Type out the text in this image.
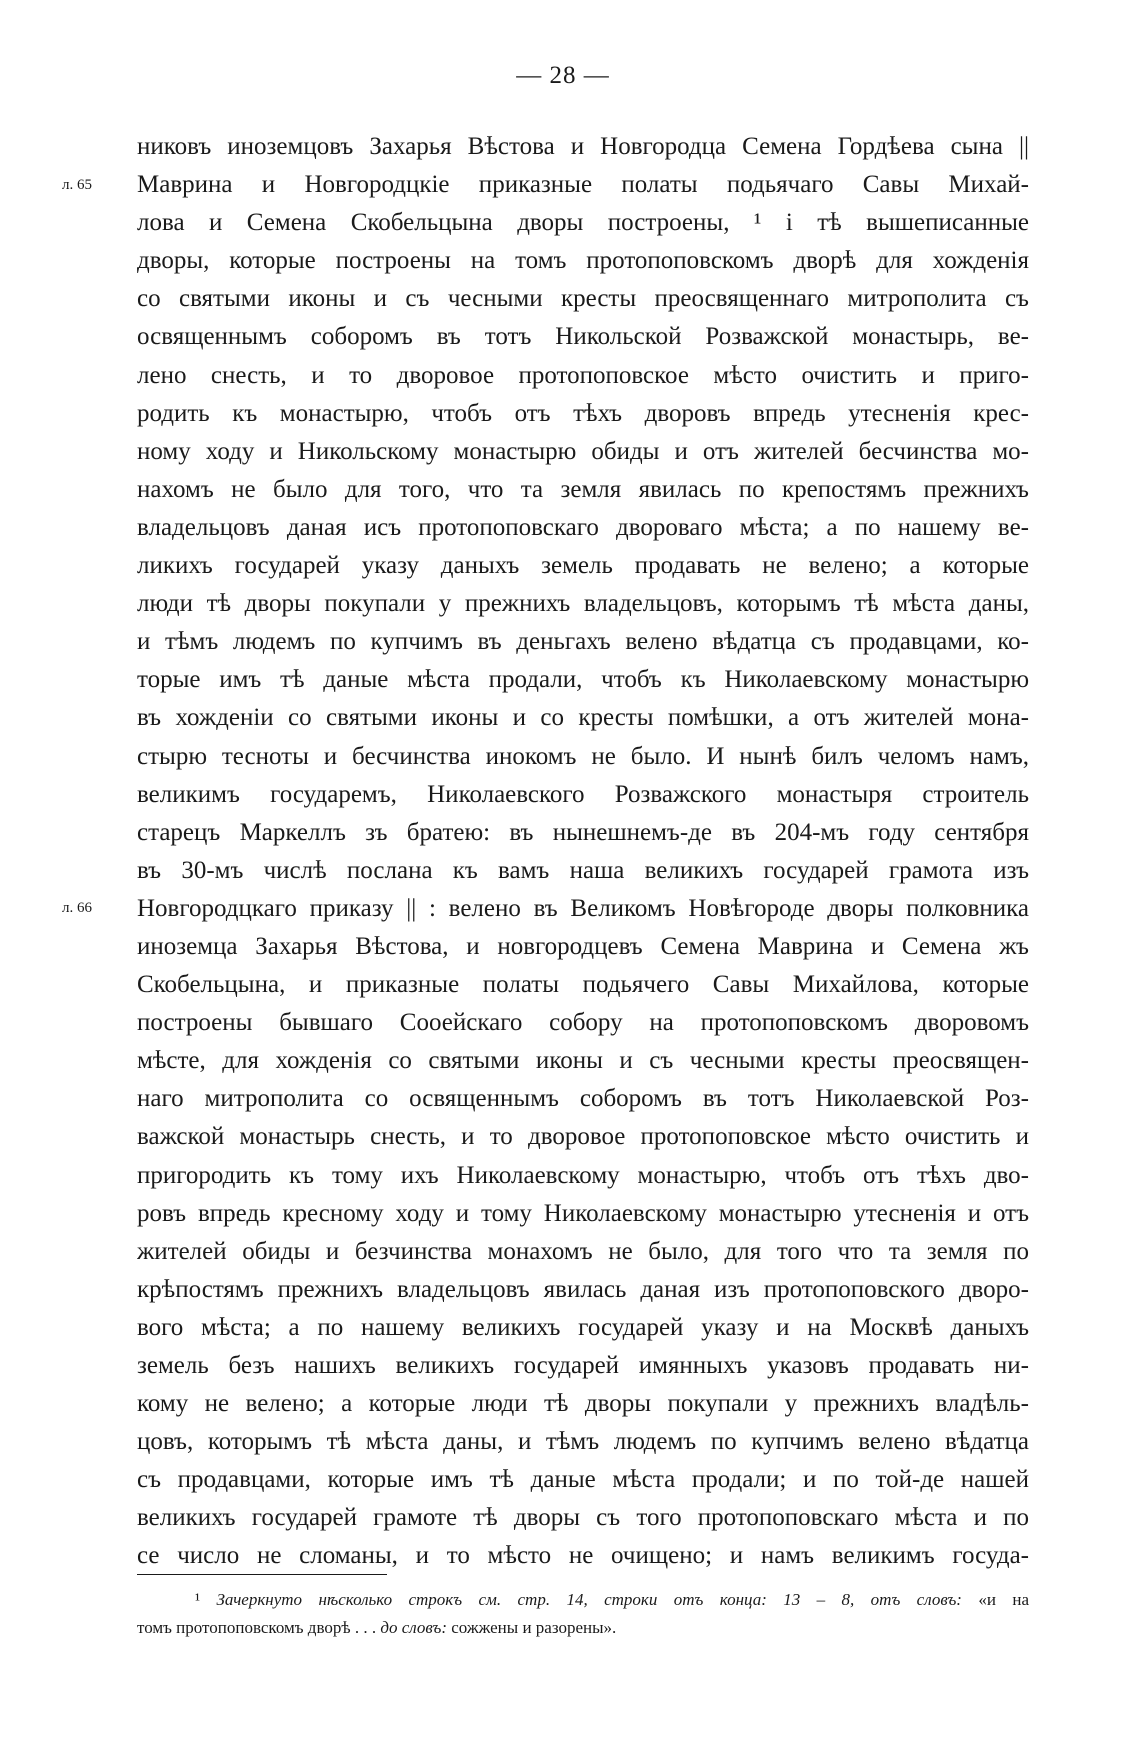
— 28 —
л. 65
л. 66
никовъ иноземцовъ Захарья Вѣстова и Новгородца Семена Гордѣева сына ||
Маврина и Новгородцкіе приказные полаты подьячаго Савы Михай-
лова и Семена Скобельцына дворы построены, ¹ і тѣ вышеписанные
дворы, которые построены на томъ протопоповскомъ дворѣ для хожденія
со святыми иконы и съ чесными кресты преосвященнаго митрополита съ
освященнымъ соборомъ въ тотъ Никольской Розважской монастырь, ве-
лено снесть, и то дворовое протопоповское мѣсто очистить и приго-
родить къ монастырю, чтобъ отъ тѣхъ дворовъ впредь утесненія крес-
ному ходу и Никольскому монастырю обиды и отъ жителей бесчинства мо-
нахомъ не было для того, что та земля явилась по крепостямъ прежнихъ
владельцовъ даная исъ протопоповскаго двороваго мѣста; а по нашему ве-
ликихъ государей указу даныхъ земель продавать не велено; а которые
люди тѣ дворы покупали у прежнихъ владельцовъ, которымъ тѣ мѣста даны,
и тѣмъ людемъ по купчимъ въ деньгахъ велено вѣдатца съ продавцами, ко-
торые имъ тѣ даные мѣста продали, чтобъ къ Николаевскому монастырю
въ хожденіи со святыми иконы и со кресты помѣшки, а отъ жителей мона-
стырю тесноты и бесчинства инокомъ не было. И нынѣ билъ челомъ намъ,
великимъ государемъ, Николаевского Розважского монастыря строитель
старецъ Маркеллъ зъ братею: въ нынешнемъ-де въ 204-мъ году сентября
въ 30-мъ числѣ послана къ вамъ наша великихъ государей грамота изъ
Новгородцкаго приказу || : велено въ Великомъ Новѣгороде дворы полковника
иноземца Захарья Вѣстова, и новгородцевъ Семена Маврина и Семена жъ
Скобельцына, и приказные полаты подьячего Савы Михайлова, которые
построены бывшаго Сооейскаго собору на протопоповскомъ дворовомъ
мѣсте, для хожденія со святыми иконы и съ чесными кресты преосвящен-
наго митрополита со освященнымъ соборомъ въ тотъ Николаевской Роз-
важской монастырь снесть, и то дворовое протопоповское мѣсто очистить и
пригородить къ тому ихъ Николаевскому монастырю, чтобъ отъ тѣхъ дво-
ровъ впредь кресному ходу и тому Николаевскому монастырю утесненія и отъ
жителей обиды и безчинства монахомъ не было, для того что та земля по
крѣпостямъ прежнихъ владельцовъ явилась даная изъ протопоповского дворо-
вого мѣста; а по нашему великихъ государей указу и на Москвѣ даныхъ
земель безъ нашихъ великихъ государей имянныхъ указовъ продавать ни-
кому не велено; а которые люди тѣ дворы покупали у прежнихъ владѣль-
цовъ, которымъ тѣ мѣста даны, и тѣмъ людемъ по купчимъ велено вѣдатца
съ продавцами, которые имъ тѣ даные мѣста продали; и по той-де нашей
великихъ государей грамоте тѣ дворы съ того протопоповскаго мѣста и по
се число не сломаны, и то мѣсто не очищено; и намъ великимъ госуда-
¹ Зачеркнуто нѣсколько строкъ см. стр. 14, строки отъ конца: 13 – 8, отъ словъ: «и на
томъ протопоповскомъ дворѣ . . . до словъ: сожжены и разорены».
